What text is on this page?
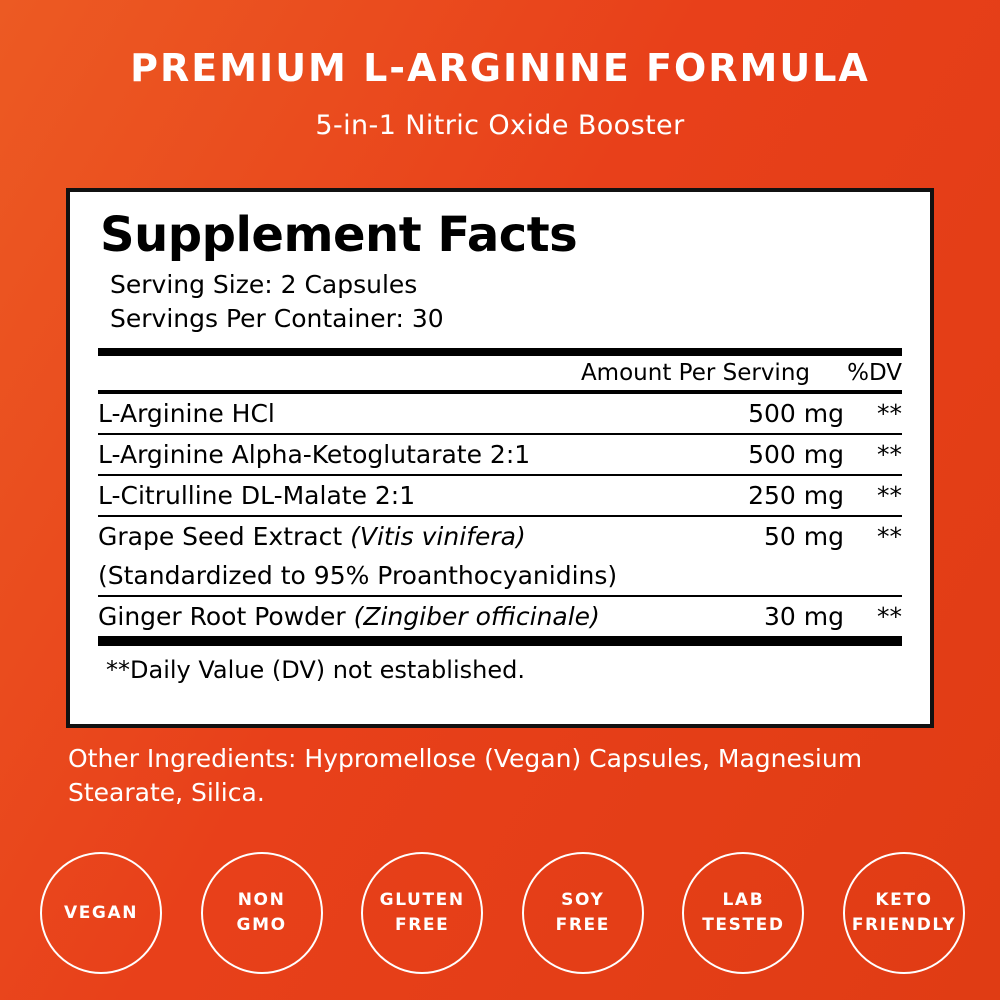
PREMIUM L-ARGININE FORMULA
5-in-1 Nitric Oxide Booster
Supplement Facts
Serving Size: 2 Capsules
Servings Per Container: 30
	Amount Per Serving	%DV
L-Arginine HCl	500 mg	**
L-Arginine Alpha-Ketoglutarate 2:1	500 mg	**
L-Citrulline DL-Malate 2:1	250 mg	**
Grape Seed Extract (Vitis vinifera)	50 mg	**
(Standardized to 95% Proanthocyanidins)
Ginger Root Powder (Zingiber officinale)	30 mg	**
**Daily Value (DV) not established.
Other Ingredients: Hypromellose (Vegan) Capsules, Magnesium Stearate, Silica.
VEGAN
NON
GMO
GLUTEN
FREE
SOY
FREE
LAB
TESTED
KETO
FRIENDLY
